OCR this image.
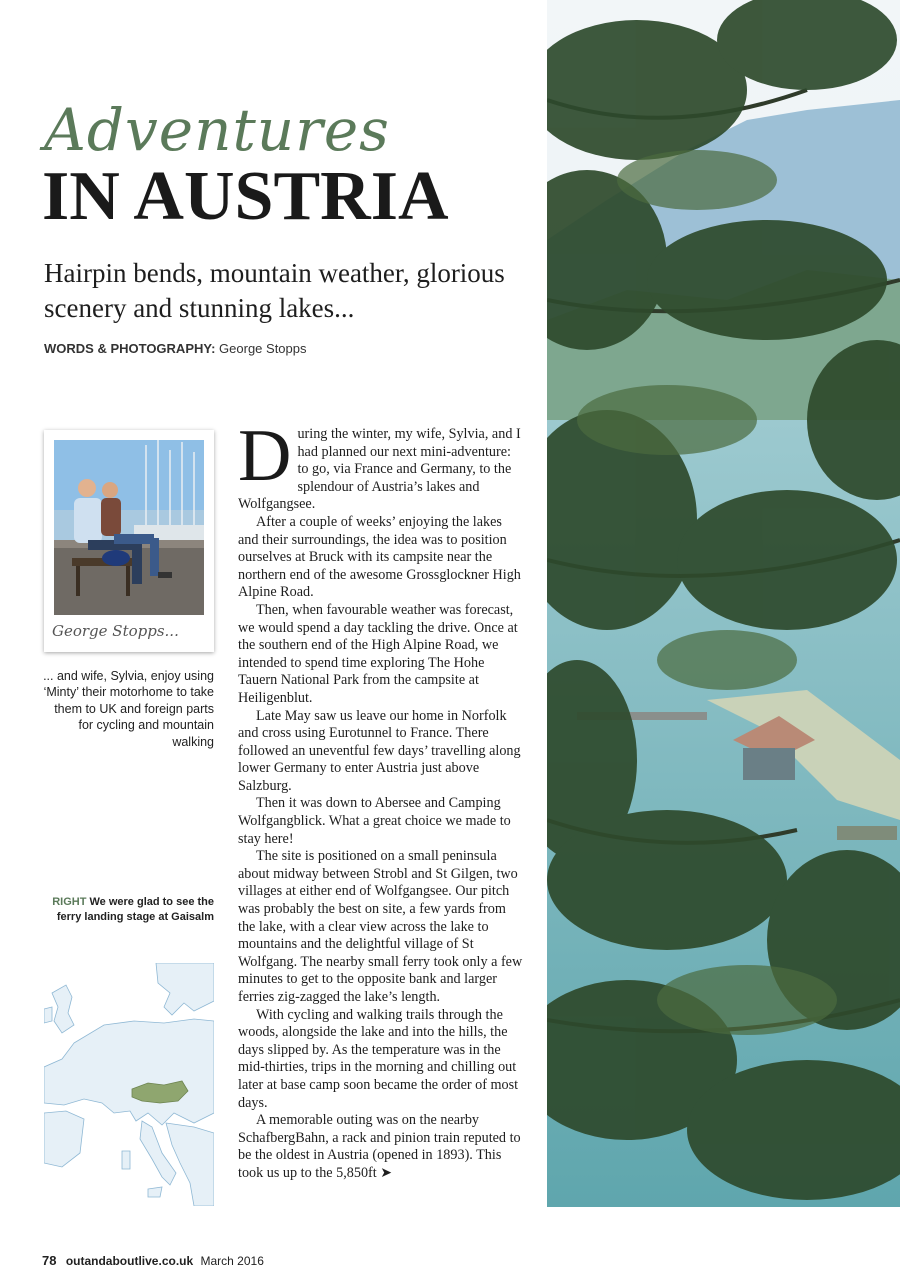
Adventures
IN AUSTRIA
Hairpin bends, mountain weather, glorious scenery and stunning lakes...
WORDS & PHOTOGRAPHY: George Stopps
George Stopps...
... and wife, Sylvia, enjoy using ‘Minty’ their motorhome to take them to UK and foreign parts for cycling and mountain walking
RIGHT We were glad to see the ferry landing stage at Gaisalm

During the winter, my wife, Sylvia, and I had planned our next mini-adventure: to go, via France and Germany, to the splendour of Austria’s lakes and Wolfgangsee.

After a couple of weeks’ enjoying the lakes and their surroundings, the idea was to position ourselves at Bruck with its campsite near the northern end of the awesome Grossglockner High Alpine Road.

Then, when favourable weather was forecast, we would spend a day tackling the drive. Once at the southern end of the High Alpine Road, we intended to spend time exploring The Hohe Tauern National Park from the campsite at Heiligenblut.

Late May saw us leave our home in Norfolk and cross using Eurotunnel to France. There followed an uneventful few days’ travelling along lower Germany to enter Austria just above Salzburg.

Then it was down to Abersee and Camping Wolfgangblick. What a great choice we made to stay here!

The site is positioned on a small peninsula about midway between Strobl and St Gilgen, two villages at either end of Wolfgangsee. Our pitch was probably the best on site, a few yards from the lake, with a clear view across the lake to mountains and the delightful village of St Wolfgang. The nearby small ferry took only a few minutes to get to the opposite bank and larger ferries zig-zagged the lake’s length.

With cycling and walking trails through the woods, alongside the lake and into the hills, the days slipped by. As the temperature was in the mid-thirties, trips in the morning and chilling out later at base camp soon became the order of most days.

A memorable outing was on the nearby SchafbergBahn, a rack and pinion train reputed to be the oldest in Austria (opened in 1893). This took us up to the 5,850ft ➤

78 outandaboutlive.co.uk March 2016
